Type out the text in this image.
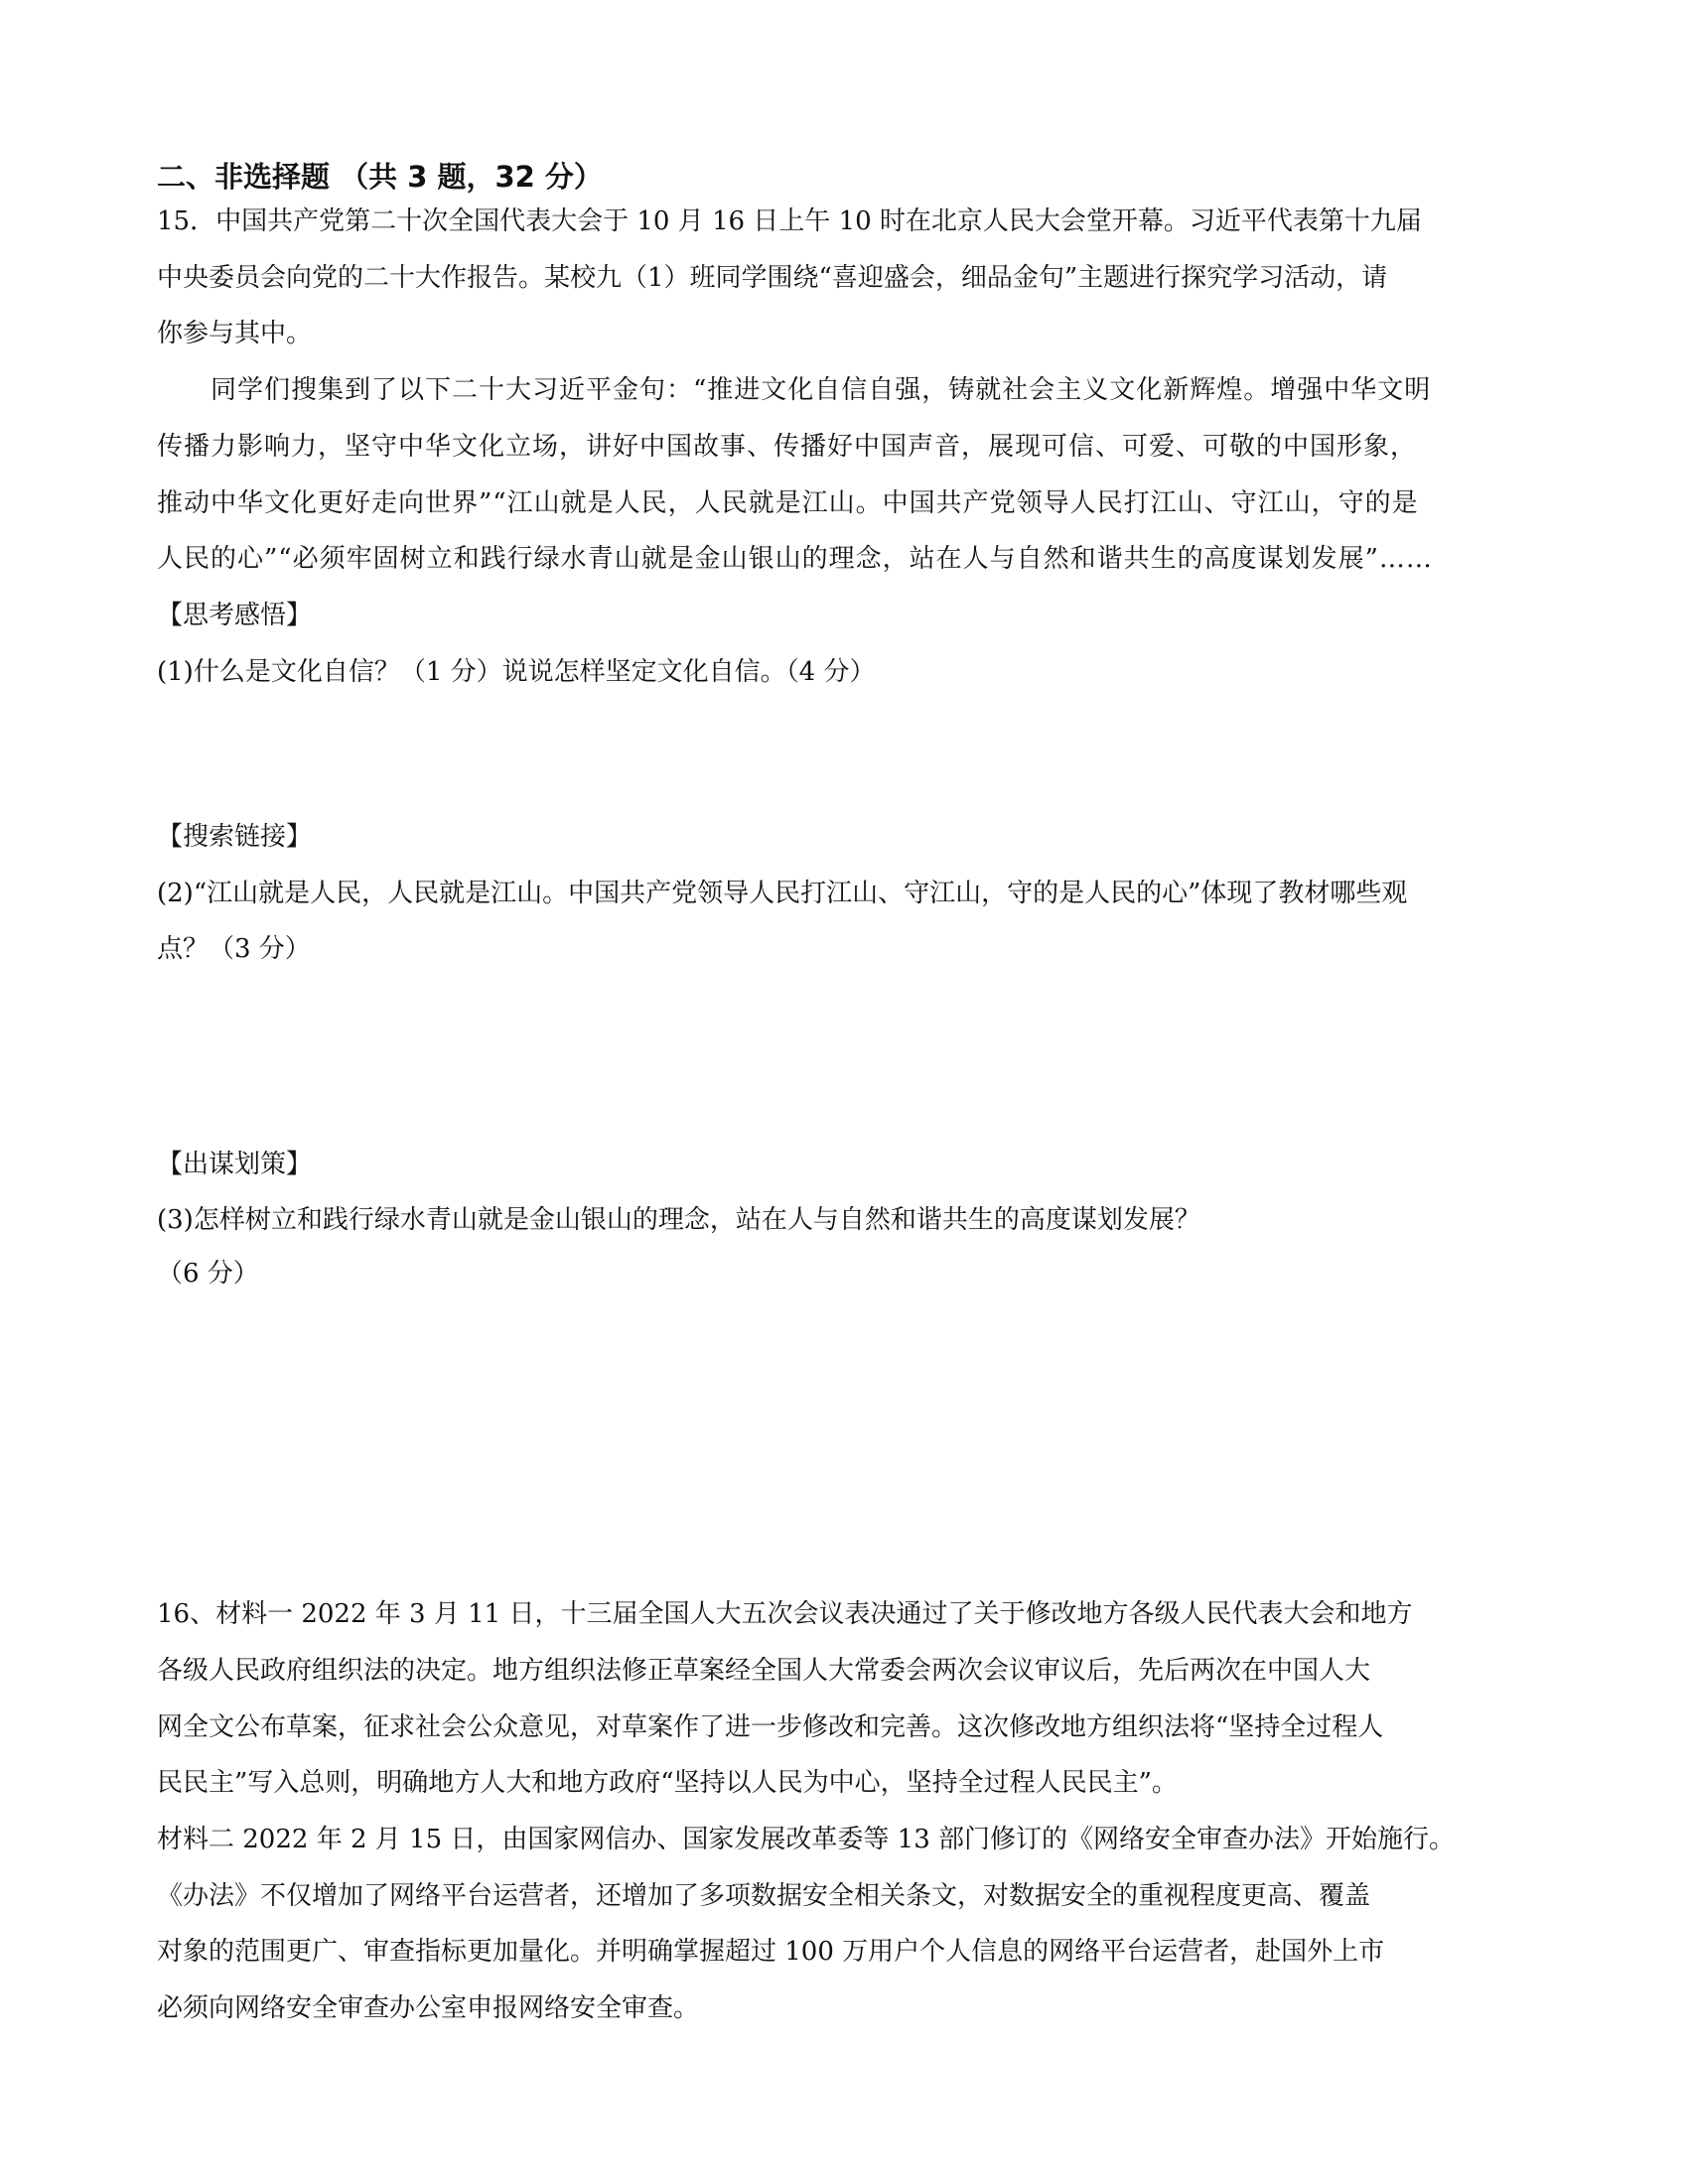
二、非选择题 （共 3 题，32 分）
15．中国共产党第二十次全国代表大会于 10 月 16 日上午 10 时在北京人民大会堂开幕。习近平代表第十九届
中央委员会向党的二十大作报告。某校九（1）班同学围绕“喜迎盛会，细品金句”主题进行探究学习活动，请
你参与其中。
同学们搜集到了以下二十大习近平金句：“推进文化自信自强，铸就社会主义文化新辉煌。增强中华文明
传播力影响力，坚守中华文化立场，讲好中国故事、传播好中国声音，展现可信、可爱、可敬的中国形象，
推动中华文化更好走向世界”“江山就是人民，人民就是江山。中国共产党领导人民打江山、守江山，守的是
人民的心”“必须牢固树立和践行绿水青山就是金山银山的理念，站在人与自然和谐共生的高度谋划发展”……
【思考感悟】
(1)什么是文化自信？（1 分）说说怎样坚定文化自信。（4 分）
【搜索链接】
(2)“江山就是人民，人民就是江山。中国共产党领导人民打江山、守江山，守的是人民的心”体现了教材哪些观
点？（3 分）
【出谋划策】
(3)怎样树立和践行绿水青山就是金山银山的理念，站在人与自然和谐共生的高度谋划发展？
（6 分）
16、材料一 2022 年 3 月 11 日，十三届全国人大五次会议表决通过了关于修改地方各级人民代表大会和地方
各级人民政府组织法的决定。地方组织法修正草案经全国人大常委会两次会议审议后，先后两次在中国人大
网全文公布草案，征求社会公众意见，对草案作了进一步修改和完善。这次修改地方组织法将“坚持全过程人
民民主”写入总则，明确地方人大和地方政府“坚持以人民为中心，坚持全过程人民民主”。
材料二 2022 年 2 月 15 日，由国家网信办、国家发展改革委等 13 部门修订的《网络安全审查办法》开始施行。
《办法》不仅增加了网络平台运营者，还增加了多项数据安全相关条文，对数据安全的重视程度更高、覆盖
对象的范围更广、审查指标更加量化。并明确掌握超过 100 万用户个人信息的网络平台运营者，赴国外上市
必须向网络安全审查办公室申报网络安全审查。
